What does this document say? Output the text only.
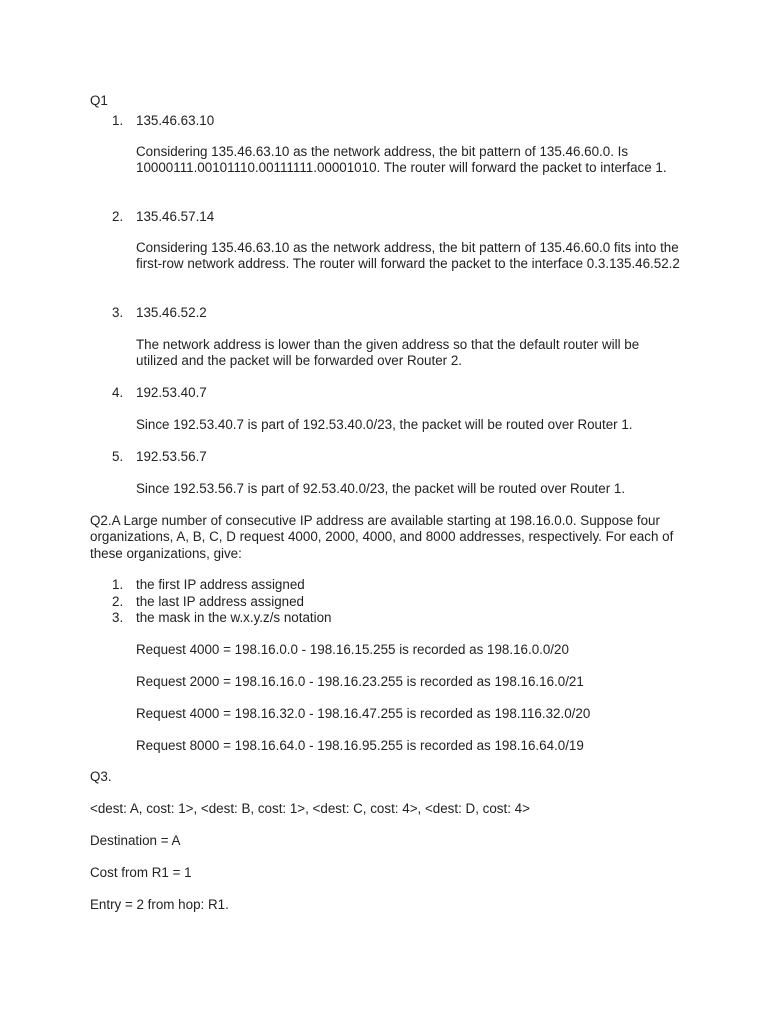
Q1

1. 135.46.63.10

Considering 135.46.63.10 as the network address, the bit pattern of 135.46.60.0. Is 10000111.00101110.00111111.00001010. The router will forward the packet to interface 1.

2. 135.46.57.14

Considering 135.46.63.10 as the network address, the bit pattern of 135.46.60.0 fits into the first-row network address. The router will forward the packet to the interface 0.3.135.46.52.2

3. 135.46.52.2

The network address is lower than the given address so that the default router will be utilized and the packet will be forwarded over Router 2.

4. 192.53.40.7

Since 192.53.40.7 is part of 192.53.40.0/23, the packet will be routed over Router 1.

5. 192.53.56.7

Since 192.53.56.7 is part of 92.53.40.0/23, the packet will be routed over Router 1.

Q2.A Large number of consecutive IP address are available starting at 198.16.0.0. Suppose four organizations, A, B, C, D request 4000, 2000, 4000, and 8000 addresses, respectively. For each of these organizations, give:

1. the first IP address assigned

2. the last IP address assigned

3. the mask in the w.x.y.z/s notation

Request 4000 = 198.16.0.0 - 198.16.15.255 is recorded as 198.16.0.0/20

Request 2000 = 198.16.16.0 - 198.16.23.255 is recorded as 198.16.16.0/21

Request 4000 = 198.16.32.0 - 198.16.47.255 is recorded as 198.116.32.0/20

Request 8000 = 198.16.64.0 - 198.16.95.255 is recorded as 198.16.64.0/19

Q3.

<dest: A, cost: 1>, <dest: B, cost: 1>, <dest: C, cost: 4>, <dest: D, cost: 4>

Destination = A

Cost from R1 = 1

Entry = 2 from hop: R1.
